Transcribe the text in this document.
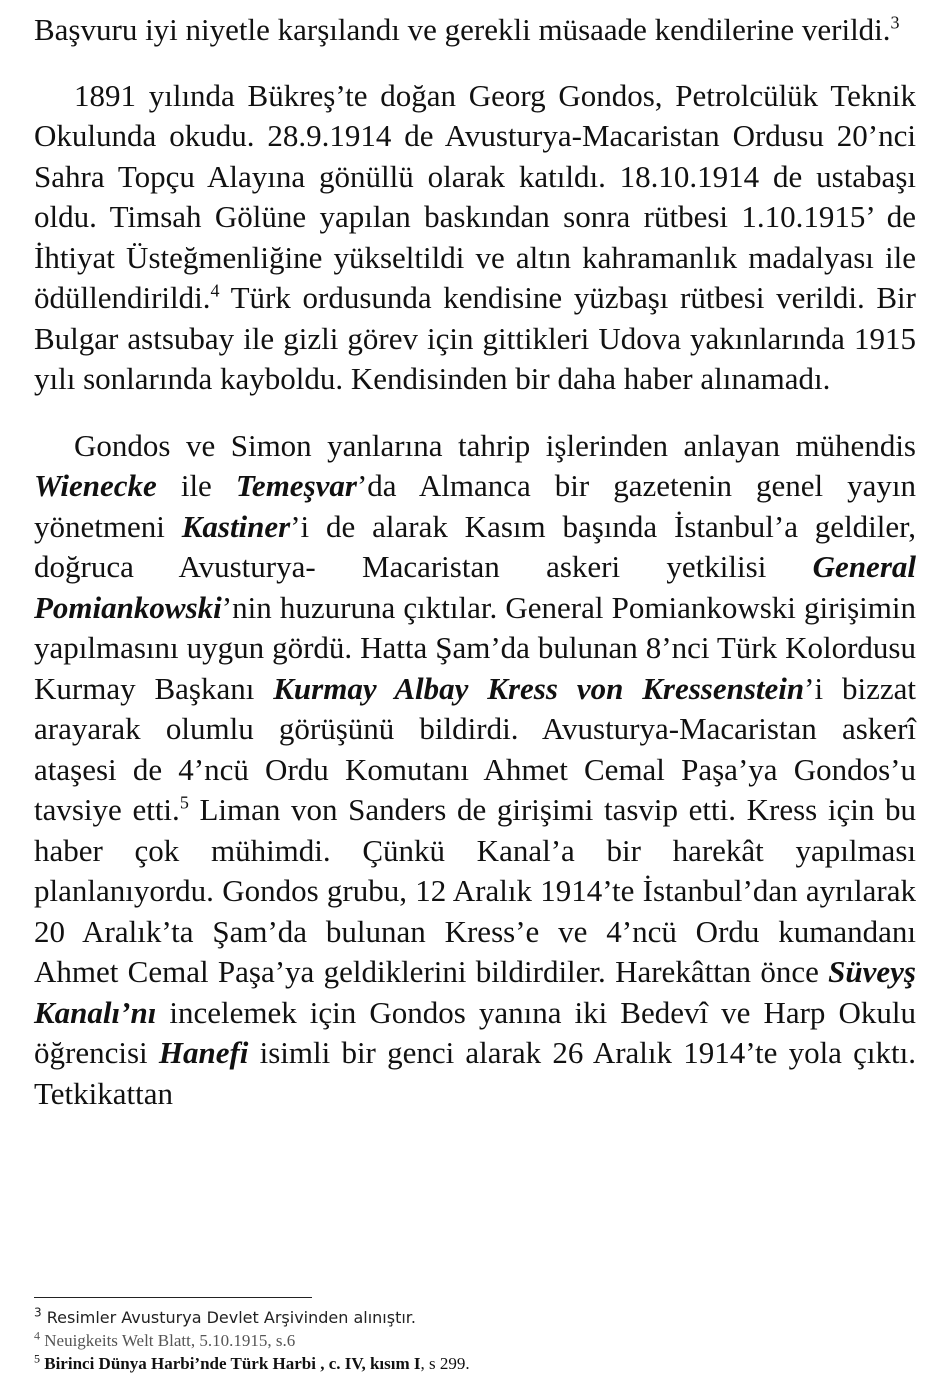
Başvuru iyi niyetle karşılandı ve gerekli müsaade kendilerine verildi.$^3$

1891 yılında Bükreş’te doğan Georg Gondos, Petrolcülük Teknik Okulunda okudu. 28.9.1914 de Avusturya-Macaristan Ordusu 20’nci Sahra Topçu Alayına gönüllü olarak katıldı. 18.10.1914 de ustabaşı oldu. Timsah Gölüne yapılan baskından sonra rütbesi 1.10.1915’ de İhtiyat Üsteğmenliğine yükseltildi ve altın kahramanlık madalyası ile ödüllendirildi.$^4$ Türk ordusunda kendisine yüzbaşı rütbesi verildi. Bir Bulgar astsubay ile gizli görev için gittikleri Udova yakınlarında 1915 yılı sonlarında kayboldu. Kendisinden bir daha haber alınamadı.

Gondos ve Simon yanlarına tahrip işlerinden anlayan mühendis Wienecke ile Temeşvar’da Almanca bir gazetenin genel yayın yönetmeni Kastiner’i de alarak Kasım başında İstanbul’a geldiler, doğruca Avusturya- Macaristan askeri yetkilisi General Pomiankowski’nin huzuruna çıktılar. General Pomiankowski girişimin yapılmasını uygun gördü. Hatta Şam’da bulunan 8’nci Türk Kolordusu Kurmay Başkanı Kurmay Albay Kress von Kressenstein’i bizzat arayarak olumlu görüşünü bildirdi. Avusturya-Macaristan askerî ataşesi de 4’ncü Ordu Komutanı Ahmet Cemal Paşa’ya Gondos’u tavsiye etti.$^5$ Liman von Sanders de girişimi tasvip etti. Kress için bu haber çok mühimdi. Çünkü Kanal’a bir harekât yapılması planlanıyordu. Gondos grubu, 12 Aralık 1914’te İstanbul’dan ayrılarak 20 Aralık’ta Şam’da bulunan Kress’e ve 4’ncü Ordu kumandanı Ahmet Cemal Paşa’ya geldiklerini bildirdiler. Harekâttan önce Süveyş Kanalı’nı incelemek için Gondos yanına iki Bedevî ve Harp Okulu öğrencisi Hanefi isimli bir genci alarak 26 Aralık 1914’te yola çıktı. Tetkikattan

$^3$ Resimler Avusturya Devlet Arşivinden alınıştır.

$^4$ Neuigkeits Welt Blatt, 5.10.1915, s.6

$^5$ Birinci Dünya Harbi’nde Türk Harbi , c. IV, kısım I, s 299.
